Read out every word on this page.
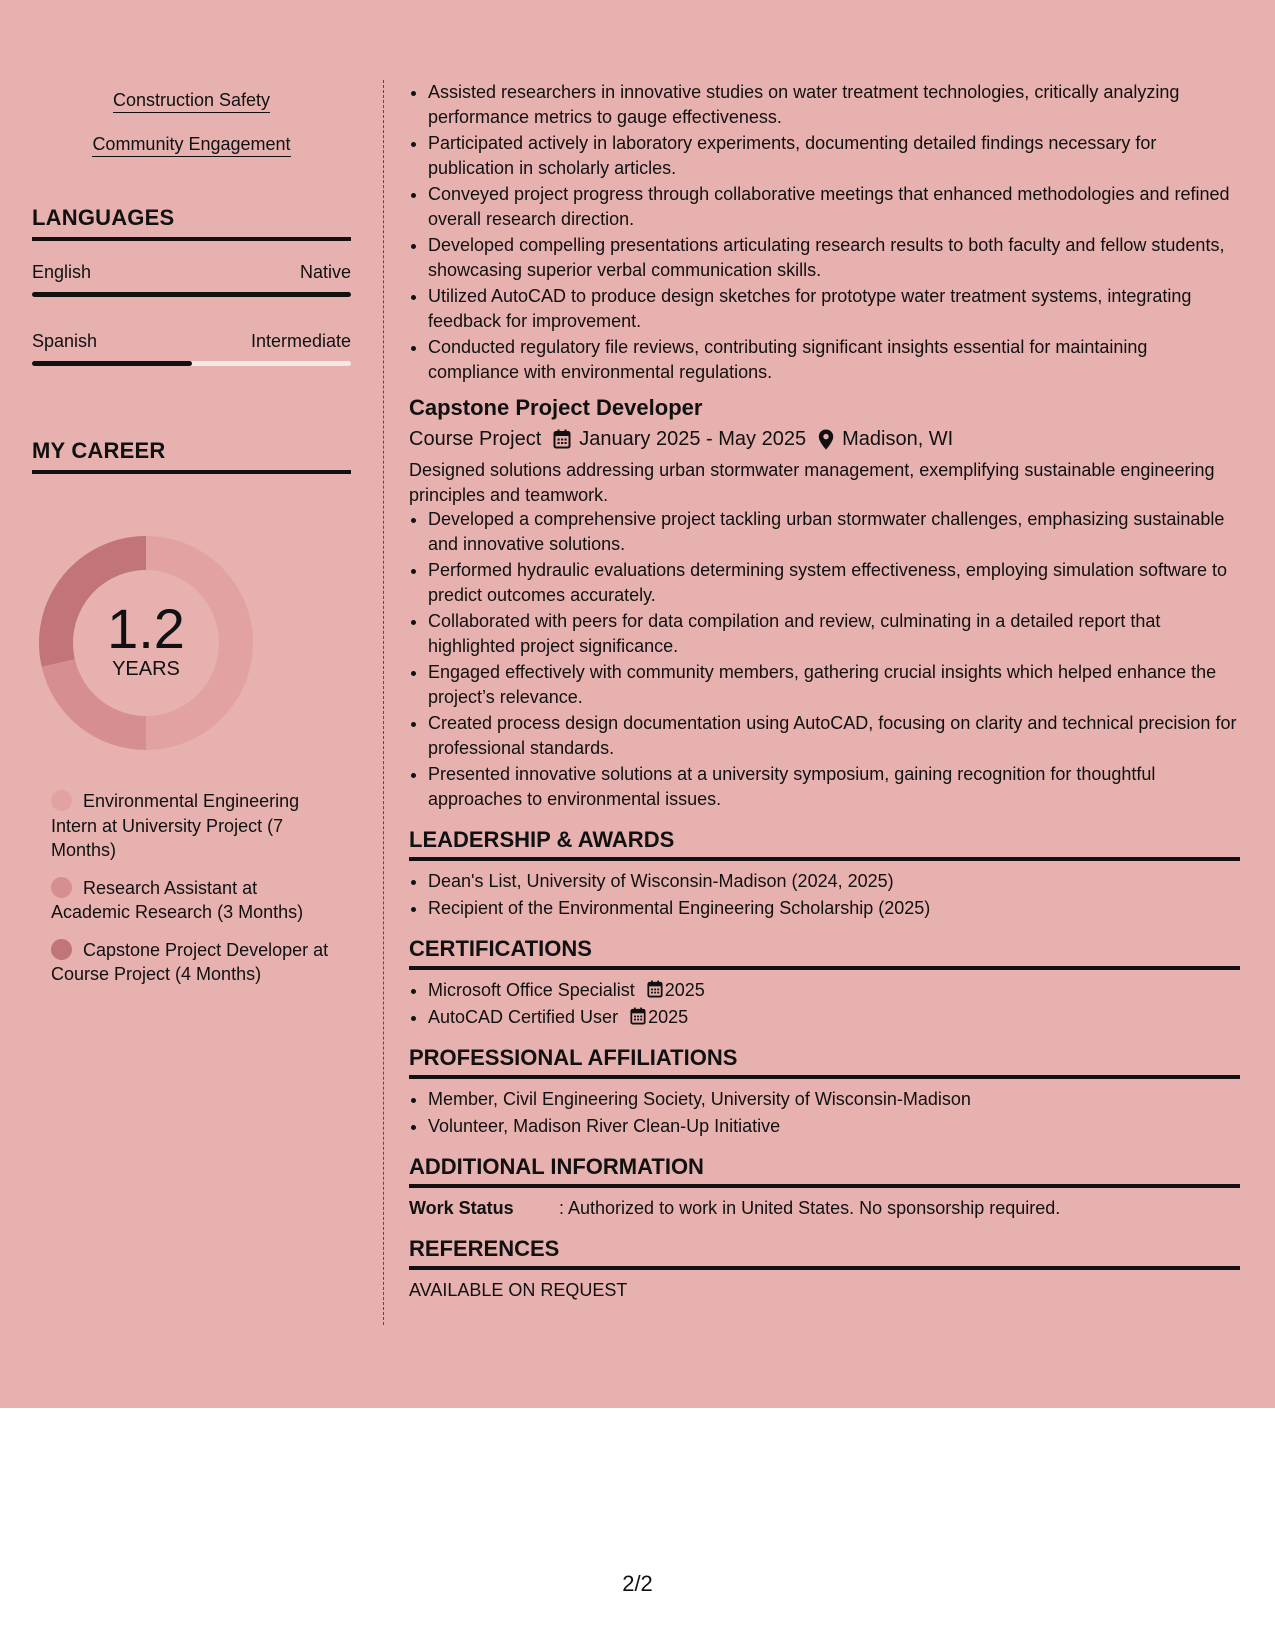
Construction Safety
Community Engagement
LANGUAGES
English	Native
Spanish	Intermediate
MY CAREER
1.2
YEARS
Environmental Engineering Intern at University Project (7 Months)
Research Assistant at Academic Research (3 Months)
Capstone Project Developer at Course Project (4 Months)
• Assisted researchers in innovative studies on water treatment technologies, critically analyzing performance metrics to gauge effectiveness.
• Participated actively in laboratory experiments, documenting detailed findings necessary for publication in scholarly articles.
• Conveyed project progress through collaborative meetings that enhanced methodologies and refined overall research direction.
• Developed compelling presentations articulating research results to both faculty and fellow students, showcasing superior verbal communication skills.
• Utilized AutoCAD to produce design sketches for prototype water treatment systems, integrating feedback for improvement.
• Conducted regulatory file reviews, contributing significant insights essential for maintaining compliance with environmental regulations.
Capstone Project Developer
Course Project January 2025 - May 2025 Madison, WI
Designed solutions addressing urban stormwater management, exemplifying sustainable engineering principles and teamwork.
• Developed a comprehensive project tackling urban stormwater challenges, emphasizing sustainable and innovative solutions.
• Performed hydraulic evaluations determining system effectiveness, employing simulation software to predict outcomes accurately.
• Collaborated with peers for data compilation and review, culminating in a detailed report that highlighted project significance.
• Engaged effectively with community members, gathering crucial insights which helped enhance the project’s relevance.
• Created process design documentation using AutoCAD, focusing on clarity and technical precision for professional standards.
• Presented innovative solutions at a university symposium, gaining recognition for thoughtful approaches to environmental issues.
LEADERSHIP & AWARDS
• Dean's List, University of Wisconsin-Madison (2024, 2025)
• Recipient of the Environmental Engineering Scholarship (2025)
CERTIFICATIONS
• Microsoft Office Specialist 2025
• AutoCAD Certified User 2025
PROFESSIONAL AFFILIATIONS
• Member, Civil Engineering Society, University of Wisconsin-Madison
• Volunteer, Madison River Clean-Up Initiative
ADDITIONAL INFORMATION
Work Status	: Authorized to work in United States. No sponsorship required.
REFERENCES
AVAILABLE ON REQUEST
2/2
